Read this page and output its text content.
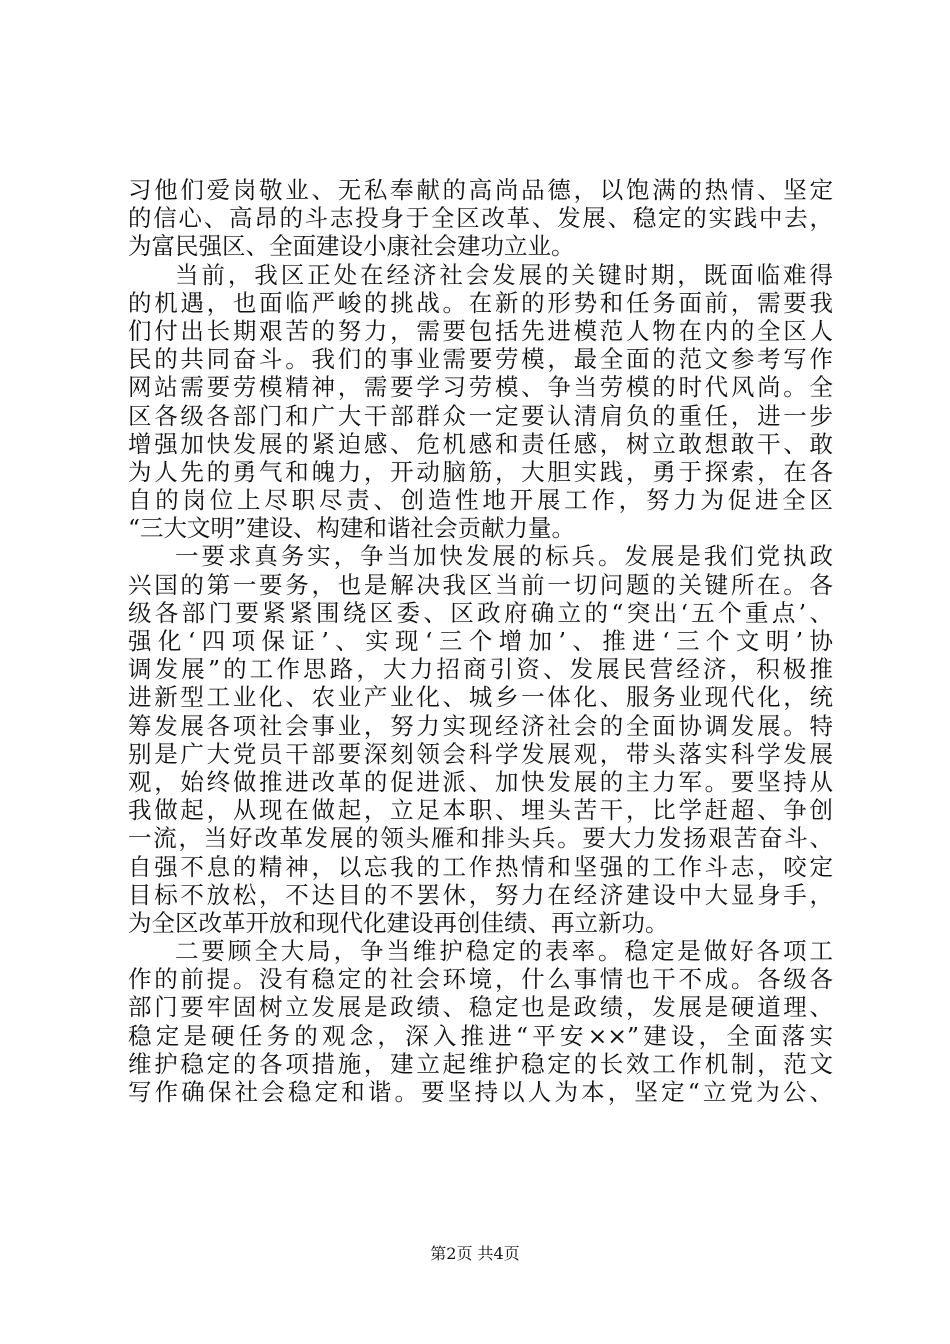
习他们爱岗敬业、无私奉献的高尚品德，以饱满的热情、坚定
的信心、高昂的斗志投身于全区改革、发展、稳定的实践中去，
为富民强区、全面建设小康社会建功立业。
当前，我区正处在经济社会发展的关键时期，既面临难得
的机遇，也面临严峻的挑战。在新的形势和任务面前，需要我
们付出长期艰苦的努力，需要包括先进模范人物在内的全区人
民的共同奋斗。我们的事业需要劳模，最全面的范文参考写作
网站需要劳模精神，需要学习劳模、争当劳模的时代风尚。全
区各级各部门和广大干部群众一定要认清肩负的重任，进一步
增强加快发展的紧迫感、危机感和责任感，树立敢想敢干、敢
为人先的勇气和魄力，开动脑筋，大胆实践，勇于探索，在各
自的岗位上尽职尽责、创造性地开展工作，努力为促进全区
“三大文明”建设、构建和谐社会贡献力量。
一要求真务实，争当加快发展的标兵。发展是我们党执政
兴国的第一要务，也是解决我区当前一切问题的关键所在。各
级各部门要紧紧围绕区委、区政府确立的“突出‘五个重点’、
强化‘四项保证’、实现‘三个增加’、推进‘三个文明’协
调发展”的工作思路，大力招商引资、发展民营经济，积极推
进新型工业化、农业产业化、城乡一体化、服务业现代化，统
筹发展各项社会事业，努力实现经济社会的全面协调发展。特
别是广大党员干部要深刻领会科学发展观，带头落实科学发展
观，始终做推进改革的促进派、加快发展的主力军。要坚持从
我做起，从现在做起，立足本职、埋头苦干，比学赶超、争创
一流，当好改革发展的领头雁和排头兵。要大力发扬艰苦奋斗、
自强不息的精神，以忘我的工作热情和坚强的工作斗志，咬定
目标不放松，不达目的不罢休，努力在经济建设中大显身手，
为全区改革开放和现代化建设再创佳绩、再立新功。
二要顾全大局，争当维护稳定的表率。稳定是做好各项工
作的前提。没有稳定的社会环境，什么事情也干不成。各级各
部门要牢固树立发展是政绩、稳定也是政绩，发展是硬道理、
稳定是硬任务的观念，深入推进“平安××”建设，全面落实
维护稳定的各项措施，建立起维护稳定的长效工作机制，范文
写作确保社会稳定和谐。要坚持以人为本，坚定“立党为公、
第2页 共4页
